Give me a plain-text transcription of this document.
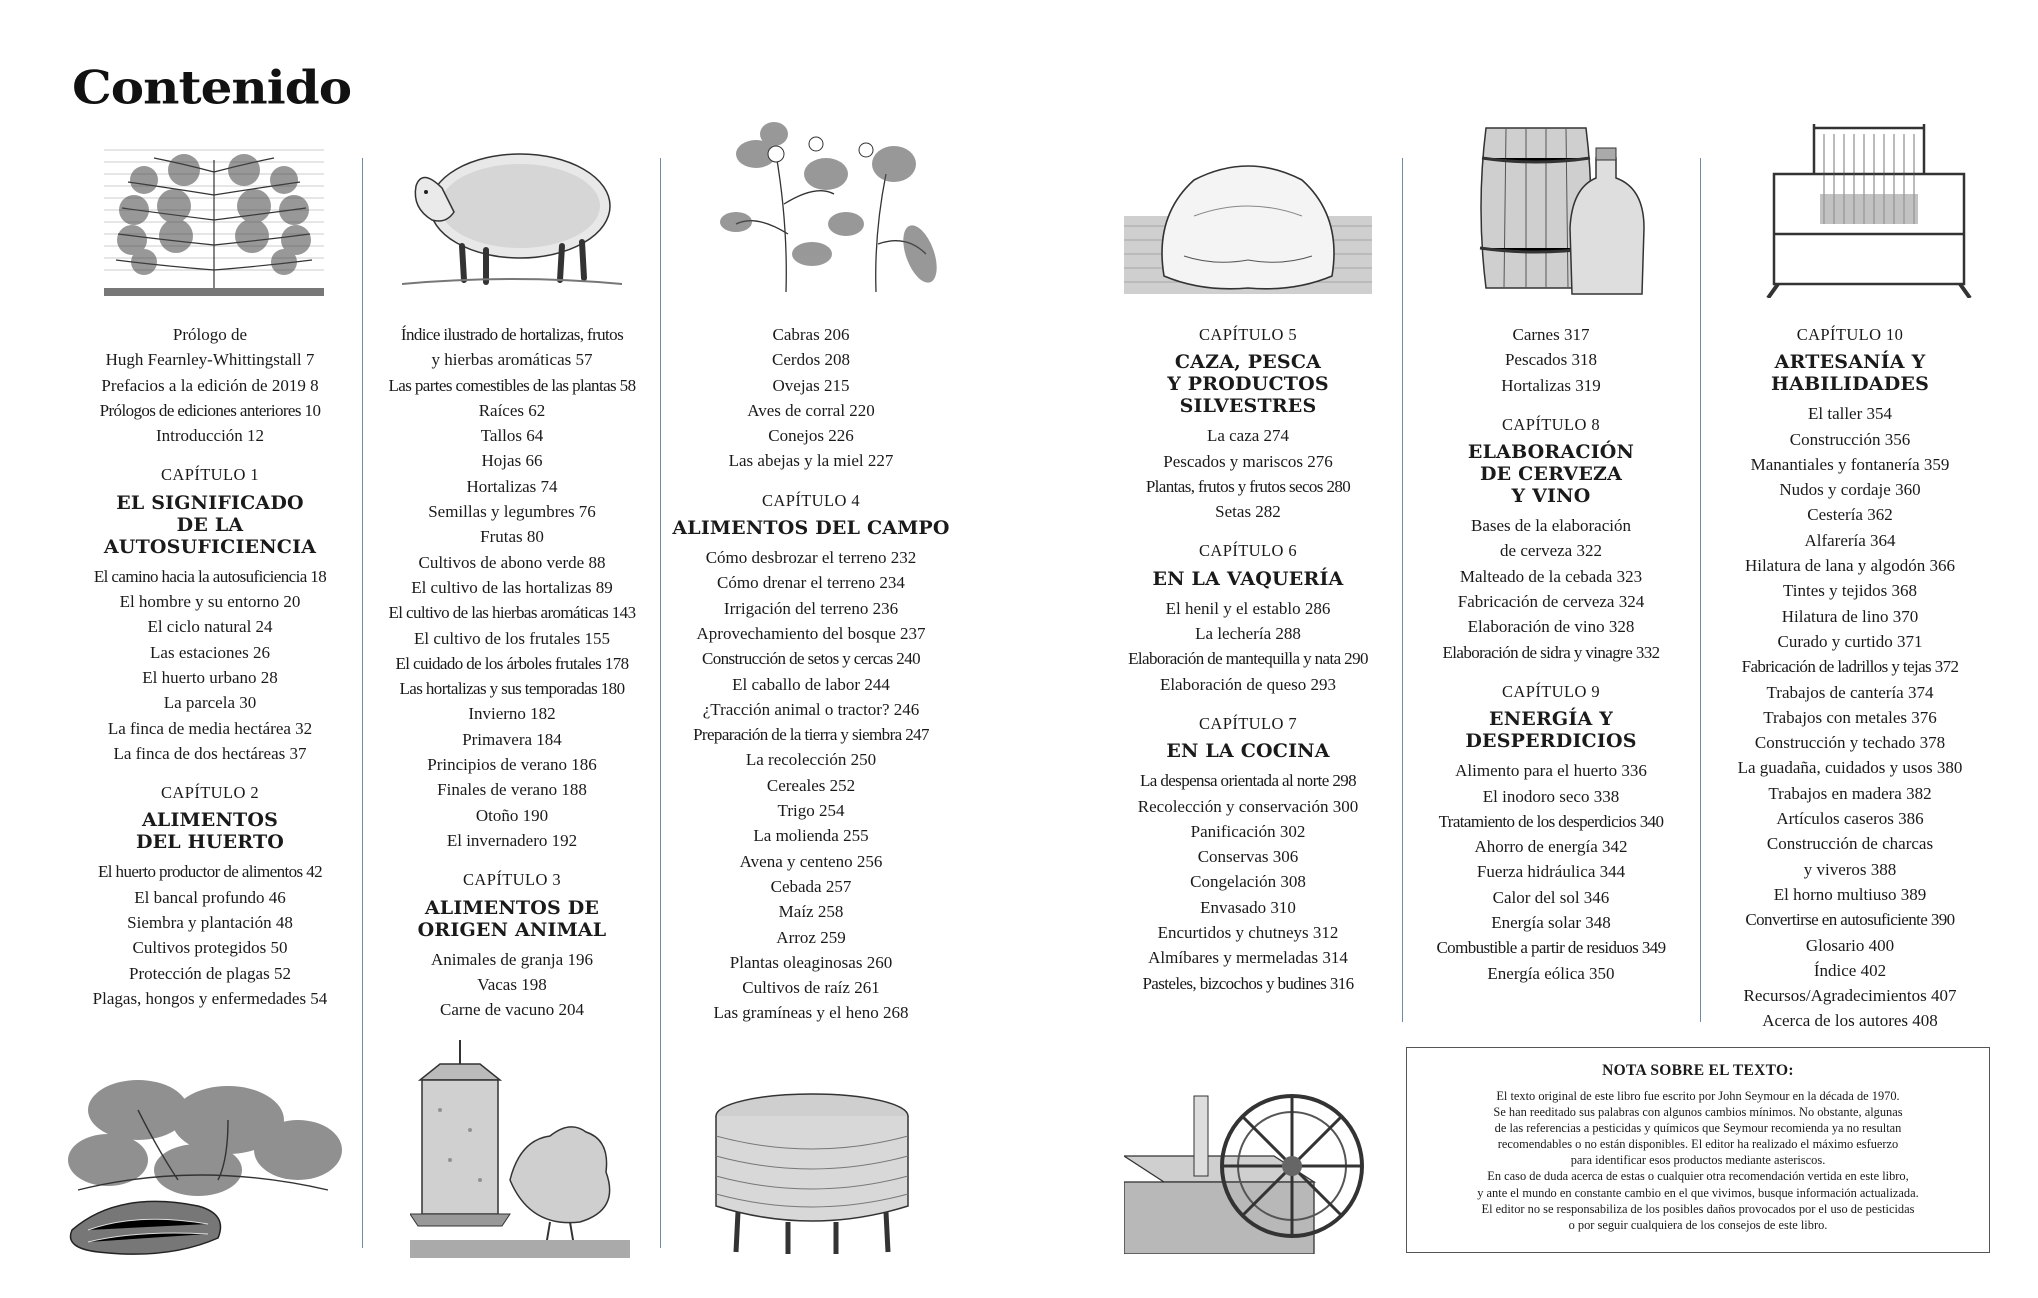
Contenido

Prólogo de

Hugh Fearnley-Whittingstall 7

Prefacios a la edición de 2019 8

Prólogos de ediciones anteriores 10

Introducción 12

CAPÍTULO 1

EL SIGNIFICADO

DE LA

AUTOSUFICIENCIA

El camino hacia la autosuficiencia 18

El hombre y su entorno 20

El ciclo natural 24

Las estaciones 26

El huerto urbano 28

La parcela 30

La finca de media hectárea 32

La finca de dos hectáreas 37

CAPÍTULO 2

ALIMENTOS

DEL HUERTO

El huerto productor de alimentos 42

El bancal profundo 46

Siembra y plantación 48

Cultivos protegidos 50

Protección de plagas 52

Plagas, hongos y enfermedades 54

Índice ilustrado de hortalizas, frutos

y hierbas aromáticas 57

Las partes comestibles de las plantas 58

Raíces 62

Tallos 64

Hojas 66

Hortalizas 74

Semillas y legumbres 76

Frutas 80

Cultivos de abono verde 88

El cultivo de las hortalizas 89

El cultivo de las hierbas aromáticas 143

El cultivo de los frutales 155

El cuidado de los árboles frutales 178

Las hortalizas y sus temporadas 180

Invierno 182

Primavera 184

Principios de verano 186

Finales de verano 188

Otoño 190

El invernadero 192

CAPÍTULO 3

ALIMENTOS DE

ORIGEN ANIMAL

Animales de granja 196

Vacas 198

Carne de vacuno 204

Cabras 206

Cerdos 208

Ovejas 215

Aves de corral 220

Conejos 226

Las abejas y la miel 227

CAPÍTULO 4

ALIMENTOS DEL CAMPO

Cómo desbrozar el terreno 232

Cómo drenar el terreno 234

Irrigación del terreno 236

Aprovechamiento del bosque 237

Construcción de setos y cercas 240

El caballo de labor 244

¿Tracción animal o tractor? 246

Preparación de la tierra y siembra 247

La recolección 250

Cereales 252

Trigo 254

La molienda 255

Avena y centeno 256

Cebada 257

Maíz 258

Arroz 259

Plantas oleaginosas 260

Cultivos de raíz 261

Las gramíneas y el heno 268

CAPÍTULO 5

CAZA, PESCA

Y PRODUCTOS

SILVESTRES

La caza 274

Pescados y mariscos 276

Plantas, frutos y frutos secos 280

Setas 282

CAPÍTULO 6

EN LA VAQUERÍA

El henil y el establo 286

La lechería 288

Elaboración de mantequilla y nata 290

Elaboración de queso 293

CAPÍTULO 7

EN LA COCINA

La despensa orientada al norte 298

Recolección y conservación 300

Panificación 302

Conservas 306

Congelación 308

Envasado 310

Encurtidos y chutneys 312

Almíbares y mermeladas 314

Pasteles, bizcochos y budines 316

Carnes 317

Pescados 318

Hortalizas 319

CAPÍTULO 8

ELABORACIÓN

DE CERVEZA

Y VINO

Bases de la elaboración

de cerveza 322

Malteado de la cebada 323

Fabricación de cerveza 324

Elaboración de vino 328

Elaboración de sidra y vinagre 332

CAPÍTULO 9

ENERGÍA Y

DESPERDICIOS

Alimento para el huerto 336

El inodoro seco 338

Tratamiento de los desperdicios 340

Ahorro de energía 342

Fuerza hidráulica 344

Calor del sol 346

Energía solar 348

Combustible a partir de residuos 349

Energía eólica 350

CAPÍTULO 10

ARTESANÍA Y

HABILIDADES

El taller 354

Construcción 356

Manantiales y fontanería 359

Nudos y cordaje 360

Cestería 362

Alfarería 364

Hilatura de lana y algodón 366

Tintes y tejidos 368

Hilatura de lino 370

Curado y curtido 371

Fabricación de ladrillos y tejas 372

Trabajos de cantería 374

Trabajos con metales 376

Construcción y techado 378

La guadaña, cuidados y usos 380

Trabajos en madera 382

Artículos caseros 386

Construcción de charcas

y viveros 388

El horno multiuso 389

Convertirse en autosuficiente 390

Glosario 400

Índice 402

Recursos/Agradecimientos 407

Acerca de los autores 408

NOTA SOBRE EL TEXTO:

El texto original de este libro fue escrito por John Seymour en la década de 1970.

Se han reeditado sus palabras con algunos cambios mínimos. No obstante, algunas

de las referencias a pesticidas y químicos que Seymour recomienda ya no resultan

recomendables o no están disponibles. El editor ha realizado el máximo esfuerzo

para identificar esos productos mediante asteriscos.

En caso de duda acerca de estas o cualquier otra recomendación vertida en este libro,

y ante el mundo en constante cambio en el que vivimos, busque información actualizada.

El editor no se responsabiliza de los posibles daños provocados por el uso de pesticidas

o por seguir cualquiera de los consejos de este libro.
